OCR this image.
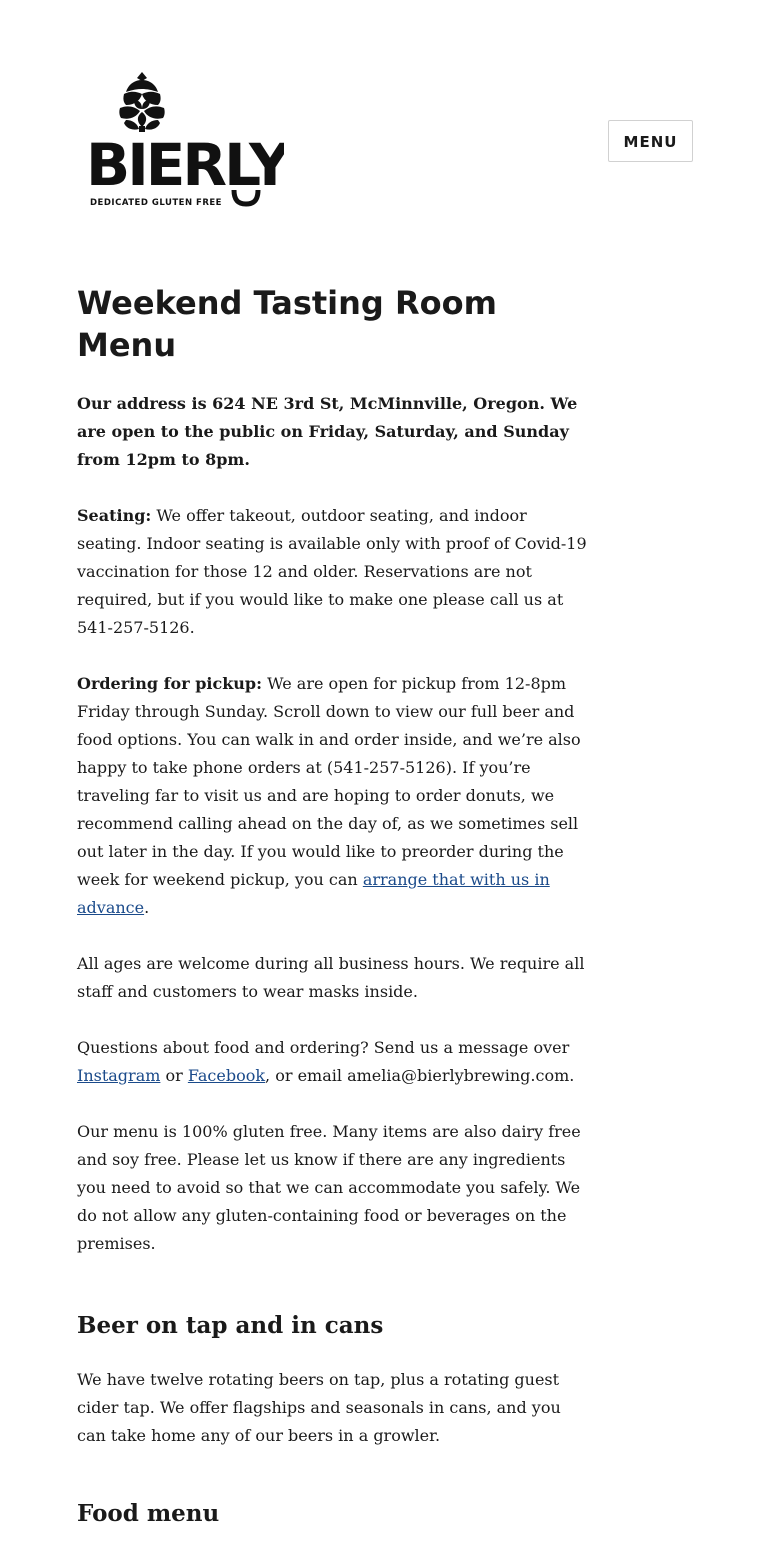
BIERLY
DEDICATED GLUTEN FREE
MENU
Weekend Tasting Room Menu

Our address is 624 NE 3rd St, McMinnville, Oregon. We are open to the public on Friday, Saturday, and Sunday from 12pm to 8pm.

Seating: We offer takeout, outdoor seating, and indoor seating. Indoor seating is available only with proof of Covid-19 vaccination for those 12 and older. Reservations are not required, but if you would like to make one please call us at 541-257-5126.

Ordering for pickup: We are open for pickup from 12-8pm Friday through Sunday. Scroll down to view our full beer and food options. You can walk in and order inside, and we’re also happy to take phone orders at (541-257-5126). If you’re traveling far to visit us and are hoping to order donuts, we recommend calling ahead on the day of, as we sometimes sell out later in the day. If you would like to preorder during the week for weekend pickup, you can arrange that with us in advance.

All ages are welcome during all business hours. We require all staff and customers to wear masks inside.

Questions about food and ordering? Send us a message over Instagram or Facebook, or email amelia@bierlybrewing.com.

Our menu is 100% gluten free. Many items are also dairy free and soy free. Please let us know if there are any ingredients you need to avoid so that we can accommodate you safely. We do not allow any gluten-containing food or beverages on the premises.

Beer on tap and in cans

We have twelve rotating beers on tap, plus a rotating guest cider tap. We offer flagships and seasonals in cans, and you can take home any of our beers in a growler.

Food menu
